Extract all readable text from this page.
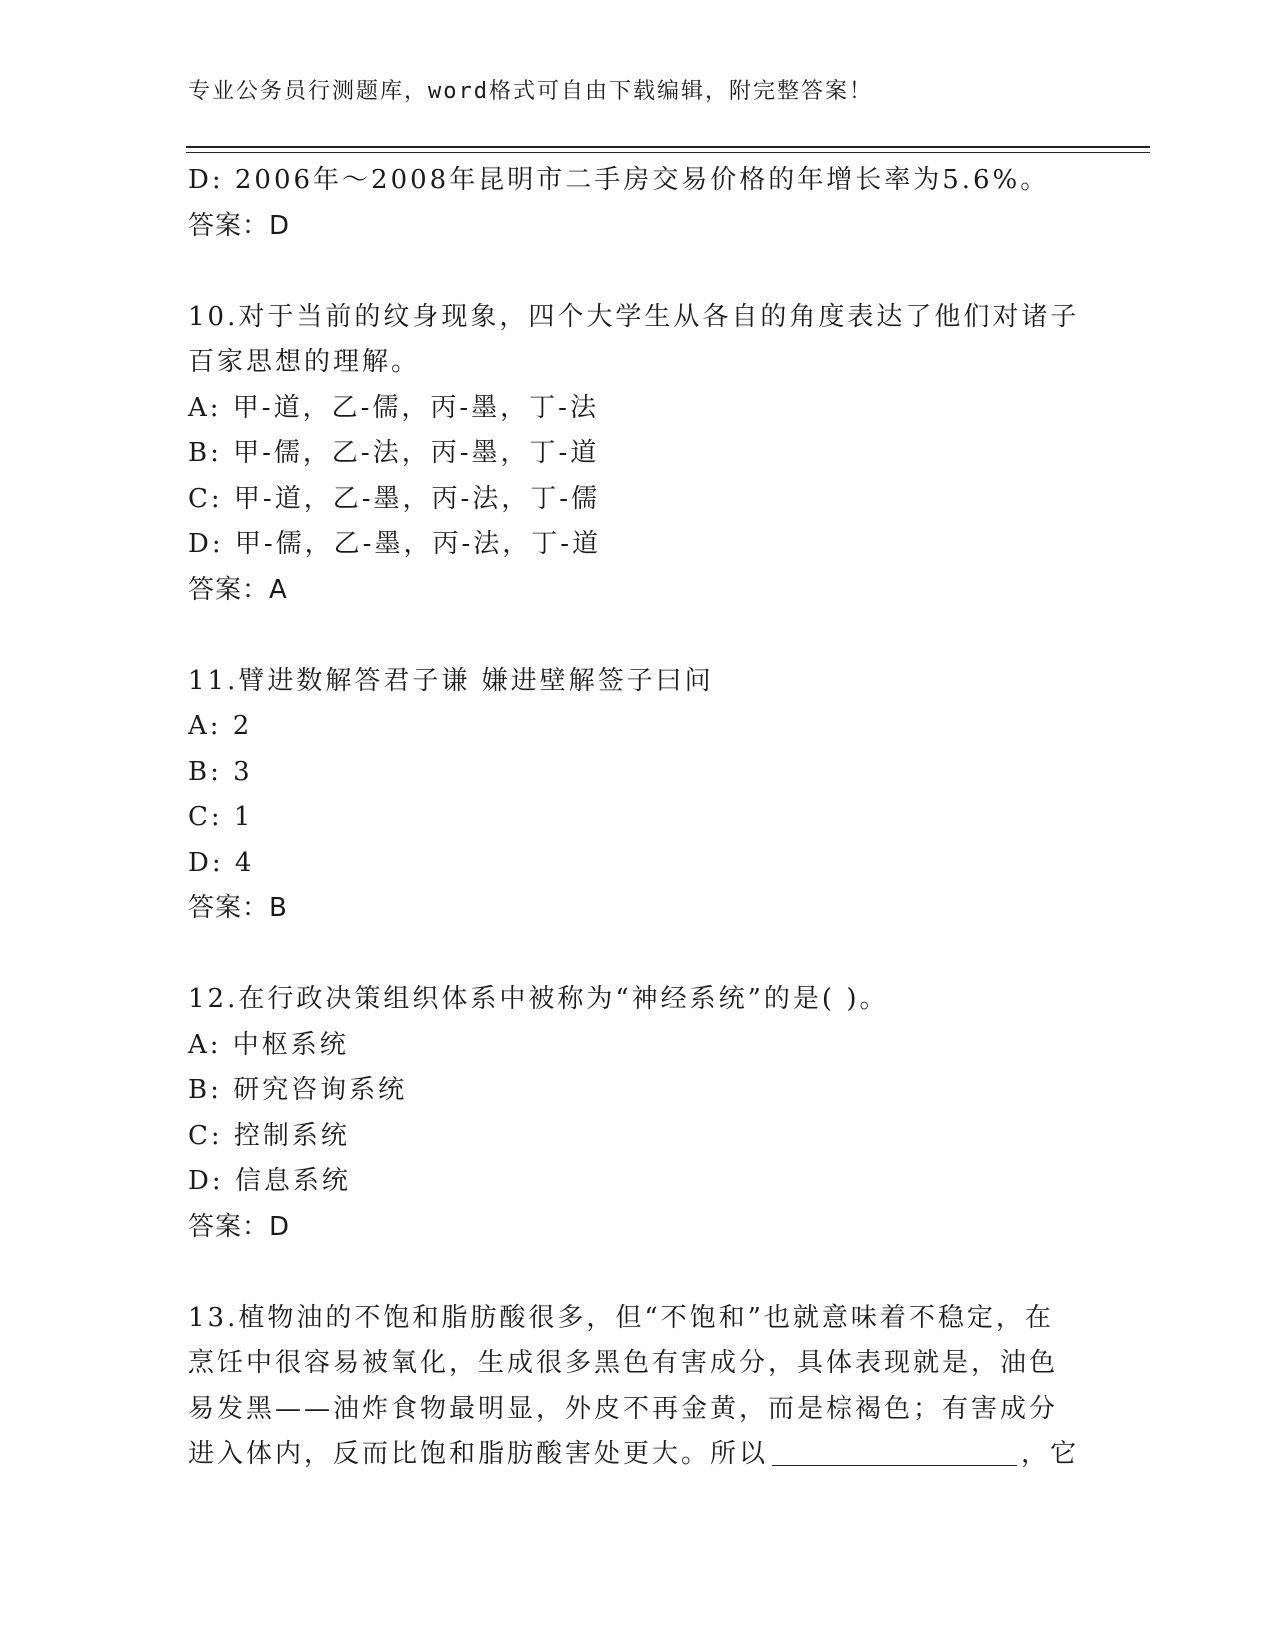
专业公务员行测题库，word格式可自由下载编辑，附完整答案！
D: 2006年～2008年昆明市二手房交易价格的年增长率为5.6%。
答案：D
10.对于当前的纹身现象，四个大学生从各自的角度表达了他们对诸子
百家思想的理解。
A: 甲-道，乙-儒，丙-墨，丁-法
B: 甲-儒，乙-法，丙-墨，丁-道
C: 甲-道，乙-墨，丙-法，丁-儒
D: 甲-儒，乙-墨，丙-法，丁-道
答案：A
11.臂进数解答君子谦 嫌进壁解签子曰问
A: 2
B: 3
C: 1
D: 4
答案：B
12.在行政决策组织体系中被称为“神经系统”的是( )。
A: 中枢系统
B: 研究咨询系统
C: 控制系统
D: 信息系统
答案：D
13.植物油的不饱和脂肪酸很多，但“不饱和”也就意味着不稳定，在
烹饪中很容易被氧化，生成很多黑色有害成分，具体表现就是，油色
易发黑——油炸食物最明显，外皮不再金黄，而是棕褐色；有害成分
进入体内，反而比饱和脂肪酸害处更大。所以	，它
